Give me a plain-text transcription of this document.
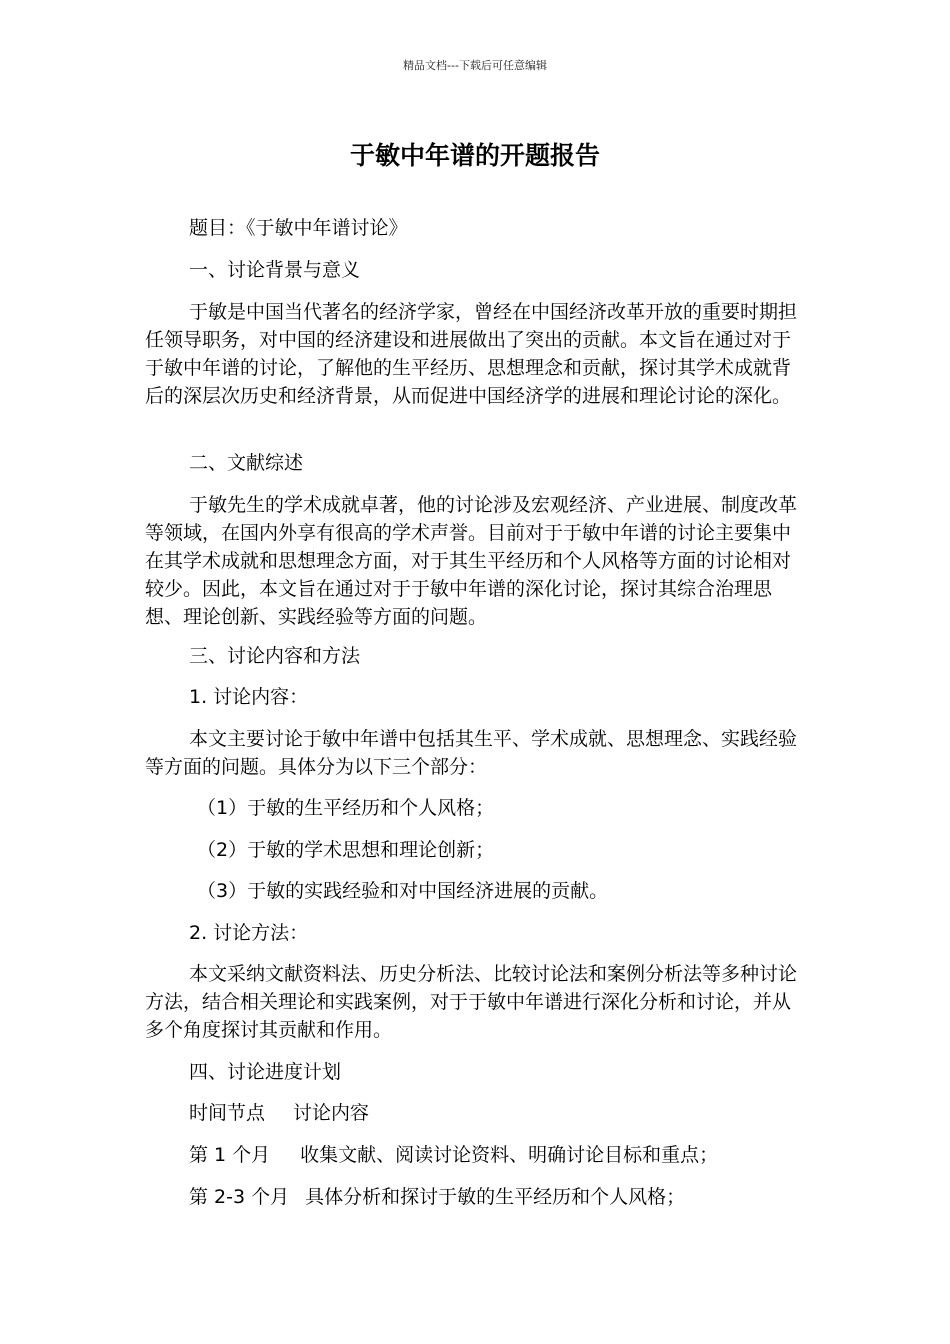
精品文档---下载后可任意编辑
于敏中年谱的开题报告
题目：《于敏中年谱讨论》
一、讨论背景与意义
于敏是中国当代著名的经济学家，曾经在中国经济改革开放的重要时期担任领导职务，对中国的经济建设和进展做出了突出的贡献。本文旨在通过对于于敏中年谱的讨论，了解他的生平经历、思想理念和贡献，探讨其学术成就背后的深层次历史和经济背景，从而促进中国经济学的进展和理论讨论的深化。
二、文献综述
于敏先生的学术成就卓著，他的讨论涉及宏观经济、产业进展、制度改革等领域，在国内外享有很高的学术声誉。目前对于于敏中年谱的讨论主要集中在其学术成就和思想理念方面，对于其生平经历和个人风格等方面的讨论相对较少。因此，本文旨在通过对于于敏中年谱的深化讨论，探讨其综合治理思想、理论创新、实践经验等方面的问题。
三、讨论内容和方法
1. 讨论内容：
本文主要讨论于敏中年谱中包括其生平、学术成就、思想理念、实践经验等方面的问题。具体分为以下三个部分：
（1）于敏的生平经历和个人风格；
（2）于敏的学术思想和理论创新；
（3）于敏的实践经验和对中国经济进展的贡献。
2. 讨论方法：
本文采纳文献资料法、历史分析法、比较讨论法和案例分析法等多种讨论方法，结合相关理论和实践案例，对于于敏中年谱进行深化分析和讨论，并从多个角度探讨其贡献和作用。
四、讨论进度计划
时间节点 讨论内容
第 1 个月 收集文献、阅读讨论资料、明确讨论目标和重点；
第 2-3 个月 具体分析和探讨于敏的生平经历和个人风格；
